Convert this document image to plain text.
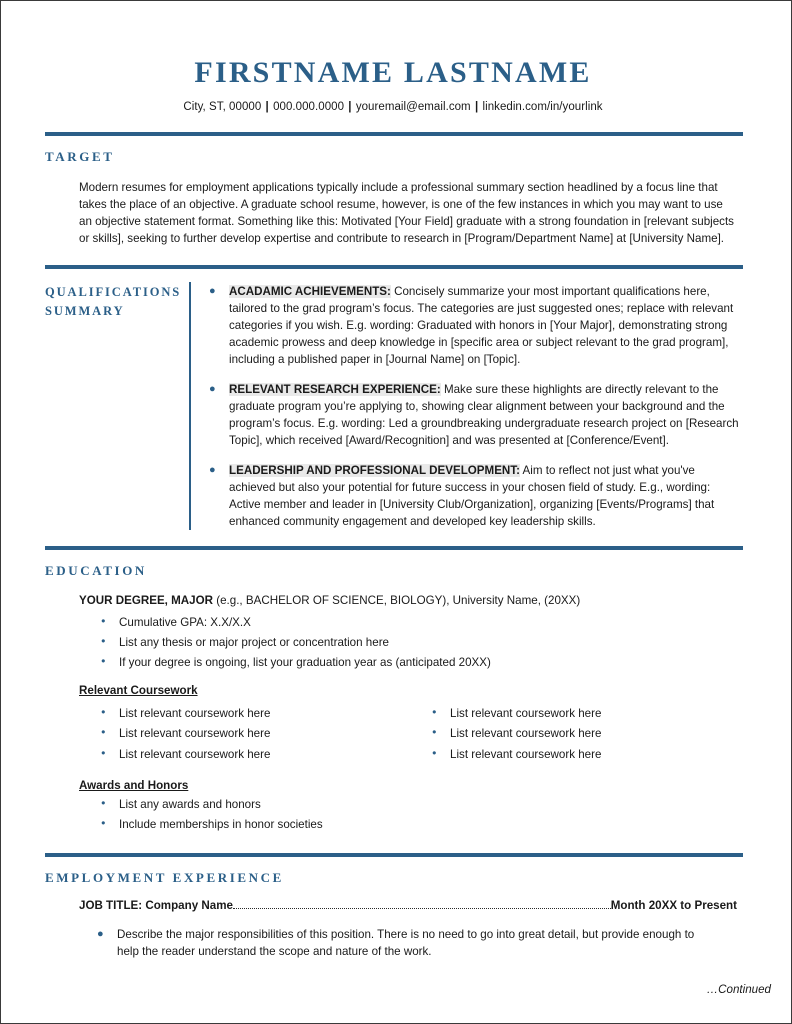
FIRSTNAME LASTNAME
City, ST, 00000 | 000.000.0000 | youremail@email.com | linkedin.com/in/yourlink
TARGET
Modern resumes for employment applications typically include a professional summary section headlined by a focus line that takes the place of an objective. A graduate school resume, however, is one of the few instances in which you may want to use an objective statement format. Something like this: Motivated [Your Field] graduate with a strong foundation in [relevant subjects or skills], seeking to further develop expertise and contribute to research in [Program/Department Name] at [University Name].
QUALIFICATIONS
SUMMARY
●	ACADAMIC ACHIEVEMENTS: Concisely summarize your most important qualifications here, tailored to the grad program’s focus. The categories are just suggested ones; replace with relevant categories if you wish. E.g. wording: Graduated with honors in [Your Major], demonstrating strong academic prowess and deep knowledge in [specific area or subject relevant to the grad program], including a published paper in [Journal Name] on [Topic].
●	RELEVANT RESEARCH EXPERIENCE: Make sure these highlights are directly relevant to the graduate program you’re applying to, showing clear alignment between your background and the program’s focus. E.g. wording: Led a groundbreaking undergraduate research project on [Research Topic], which received [Award/Recognition] and was presented at [Conference/Event].
●	LEADERSHIP AND PROFESSIONAL DEVELOPMENT: Aim to reflect not just what you've achieved but also your potential for future success in your chosen field of study. E.g., wording: Active member and leader in [University Club/Organization], organizing [Events/Programs] that enhanced community engagement and developed key leadership skills.
EDUCATION
YOUR DEGREE, MAJOR (e.g., BACHELOR OF SCIENCE, BIOLOGY), University Name, (20XX)
● Cumulative GPA: X.X/X.X
● List any thesis or major project or concentration here
● If your degree is ongoing, list your graduation year as (anticipated 20XX)
Relevant Coursework
● List relevant coursework here
● List relevant coursework here
● List relevant coursework here
● List relevant coursework here
● List relevant coursework here
● List relevant coursework here
Awards and Honors
● List any awards and honors
● Include memberships in honor societies
EMPLOYMENT EXPERIENCE
JOB TITLE: Company Name	Month 20XX to Present
●	Describe the major responsibilities of this position. There is no need to go into great detail, but provide enough to help the reader understand the scope and nature of the work.
…Continued
